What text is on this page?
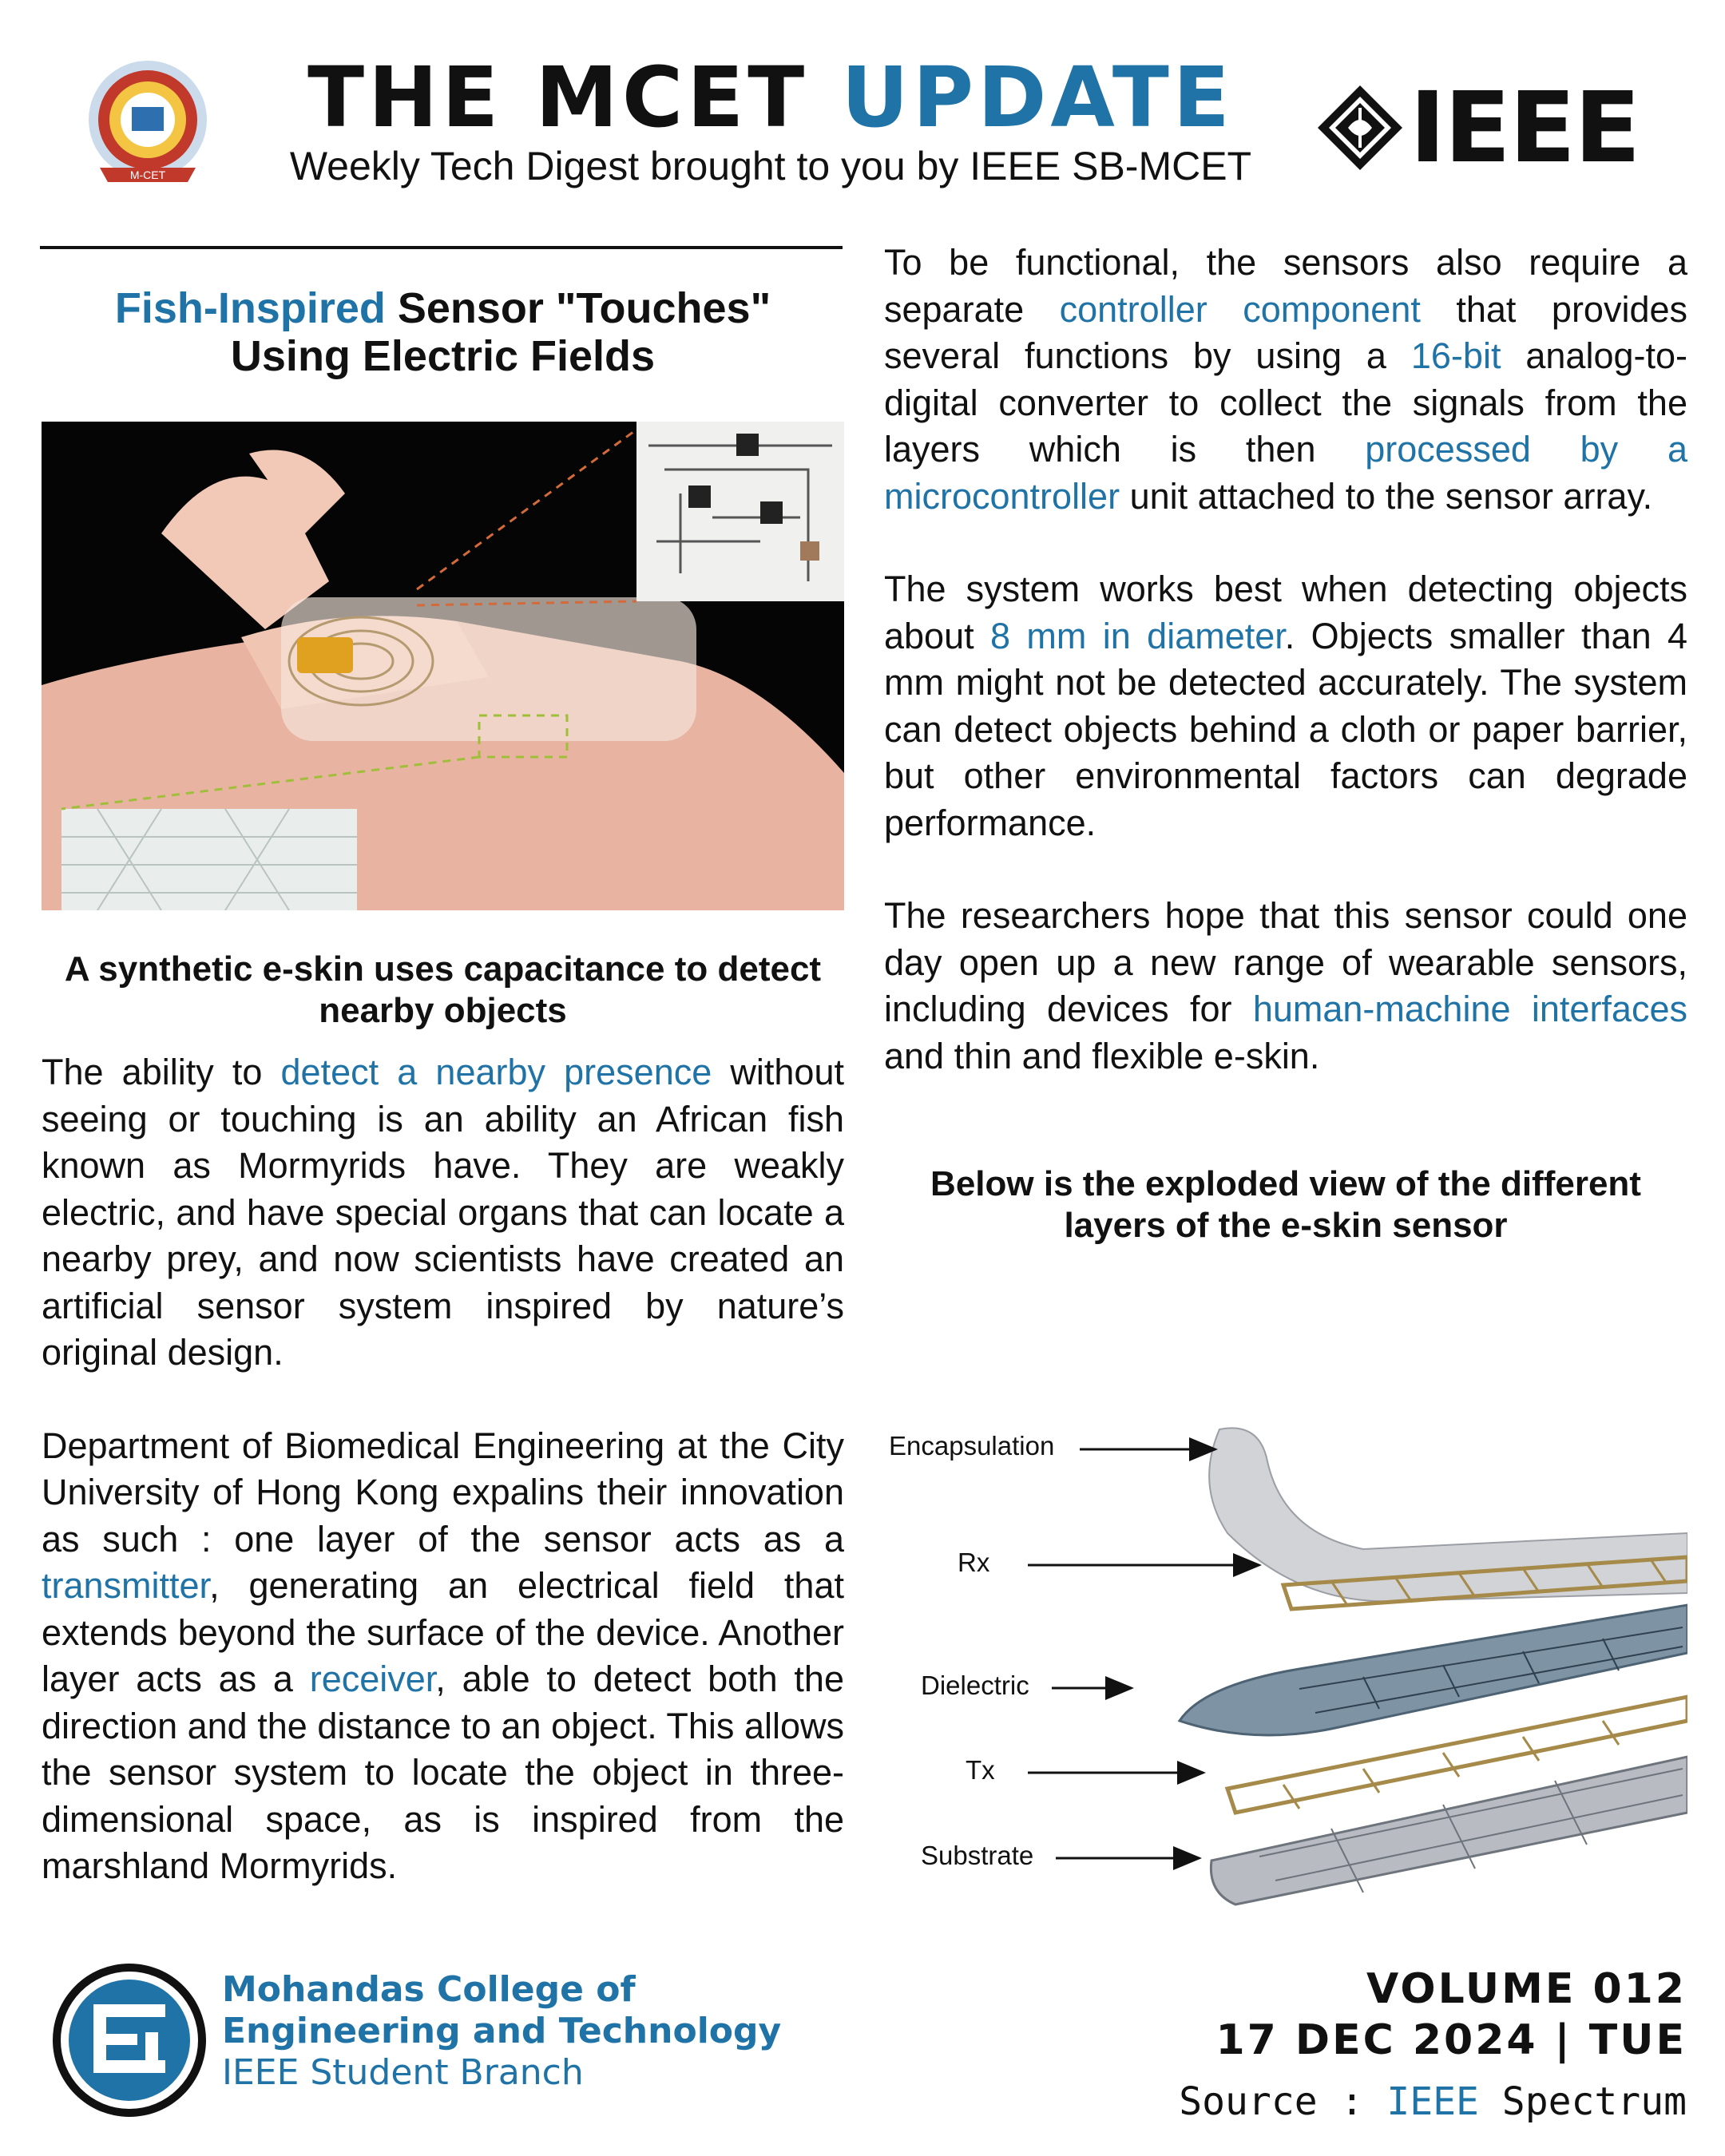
M-CET
THE MCET UPDATE
Weekly Tech Digest brought to you by IEEE SB-MCET	IEEE
Fish-Inspired Sensor "Touches"
Using Electric Fields
A synthetic e-skin uses capacitance to detect nearby objects
The ability to detect a nearby presence without seeing or touching is an ability an African fish known as Mormyrids have. They are weakly electric, and have special organs that can locate a nearby prey, and now scientists have created an artificial sensor system inspired by nature’s original design.
Department of Biomedical Engineering at the City University of Hong Kong expalins their innovation as such : one layer of the sensor acts as a transmitter, generating an electrical field that extends beyond the surface of the device. Another layer acts as a receiver, able to detect both the direction and the distance to an object. This allows the sensor system to locate the object in three-dimensional space, as is inspired from the marshland Mormyrids.
To be functional, the sensors also require a separate controller component that provides several functions by using a 16-bit analog-to-digital converter to collect the signals from the layers which is then processed by a microcontroller unit attached to the sensor array.
The system works best when detecting objects about 8 mm in diameter. Objects smaller than 4 mm might not be detected accurately. The system can detect objects behind a cloth or paper barrier, but other environmental factors can degrade performance.
The researchers hope that this sensor could one day open up a new range of wearable sensors, including devices for human-machine interfaces and thin and flexible e-skin.
Below is the exploded view of the different layers of the e-skin sensor
Encapsulation
Rx
Dielectric
Tx
Substrate
Mohandas College of
Engineering and Technology
IEEE Student Branch
VOLUME 012
17 DEC 2024 | TUE
Source : IEEE Spectrum
